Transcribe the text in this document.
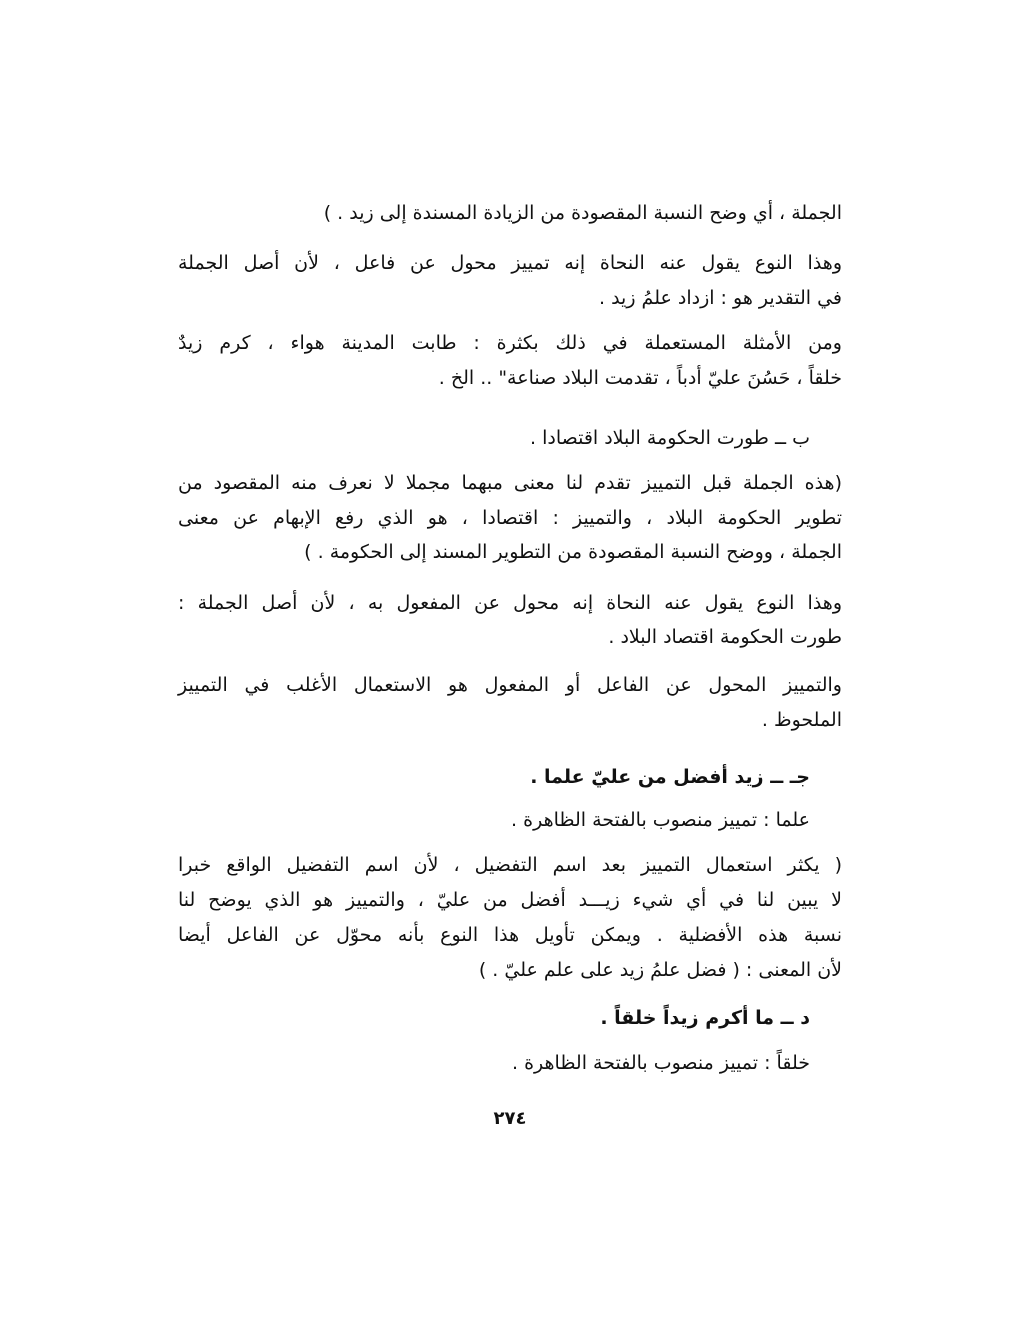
الجملة ، أي وضح النسبة المقصودة من الزيادة المسندة إلى زيد . )
وهذا النوع يقول عنه النحاة إنه تمييز محول عن فاعل ، لأن أصل الجملة
في التقدير هو : ازداد علمُ زيد .
ومن الأمثلة المستعملة في ذلك بكثرة : طابت المدينة هواء ، كرم زيدٌ
خلقاً ، حَسُنَ عليّ أدباً ، تقدمت البلاد صناعة" .. الخ .
ب ــ طورت الحكومة البلاد اقتصادا .
(هذه الجملة قبل التمييز تقدم لنا معنى مبهما مجملا لا نعرف منه المقصود من
تطوير الحكومة البلاد ، والتمييز : اقتصادا ، هو الذي رفع الإبهام عن معنى
الجملة ، ووضح النسبة المقصودة من التطوير المسند إلى الحكومة . )
وهذا النوع يقول عنه النحاة إنه محول عن المفعول به ، لأن أصل الجملة :
طورت الحكومة اقتصاد البلاد .
والتمييز المحول عن الفاعل أو المفعول هو الاستعمال الأغلب في التمييز
الملحوظ .
جـ ــ زيد أفضل من عليّ علما .
علما : تمييز منصوب بالفتحة الظاهرة .
( يكثر استعمال التمييز بعد اسم التفضيل ، لأن اسم التفضيل الواقع خبرا
لا يبين لنا في أي شيء زيـــد أفضل من عليّ ، والتمييز هو الذي يوضح لنا
نسبة هذه الأفضلية . ويمكن تأويل هذا النوع بأنه محوّل عن الفاعل أيضا
لأن المعنى : ( فضل علمُ زيد على علم عليّ . )
د ــ ما أكرم زيداً خلقاً .
خلقاً : تمييز منصوب بالفتحة الظاهرة .
٢٧٤
